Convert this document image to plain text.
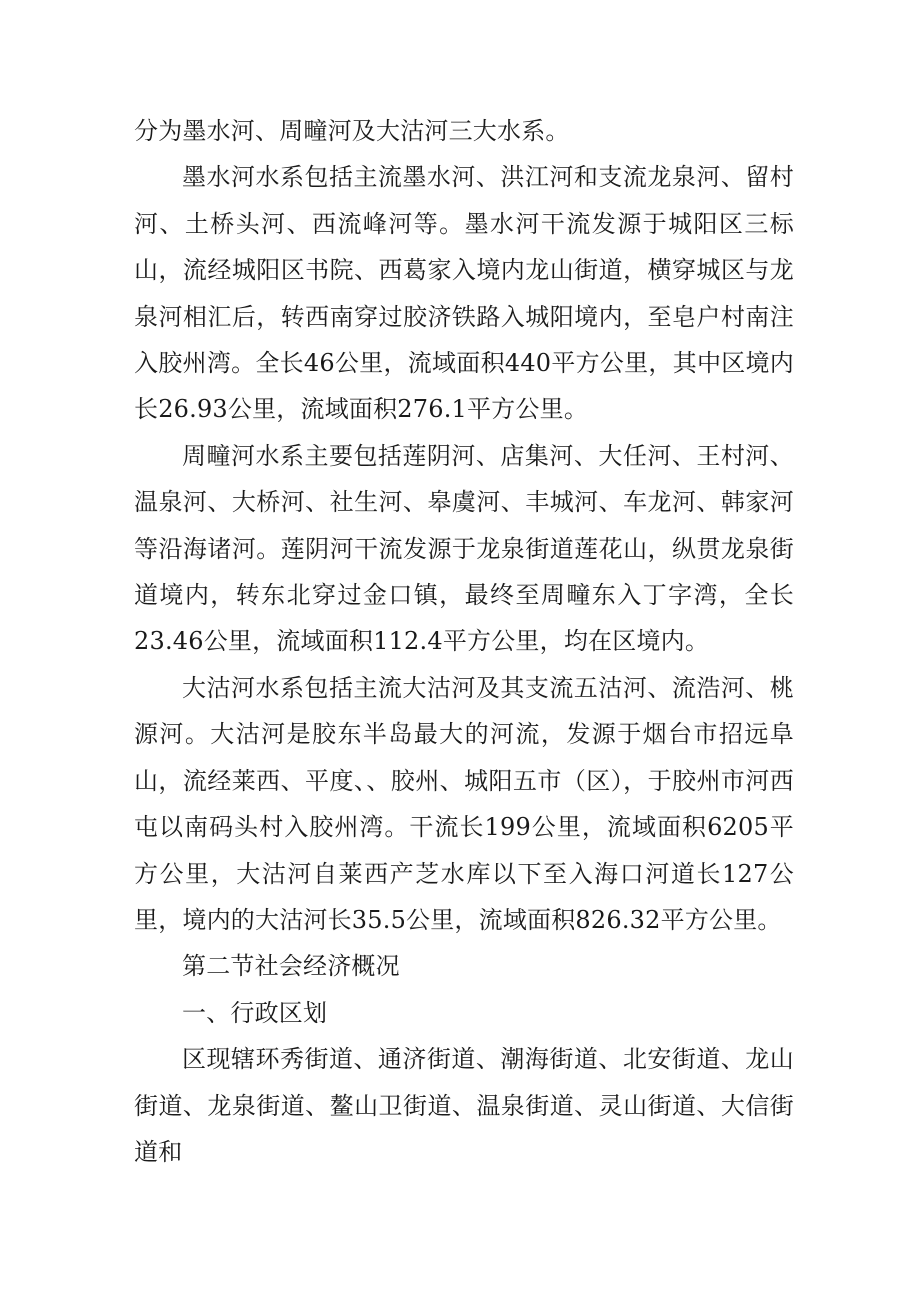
分为墨水河、周疃河及大沽河三大水系。

墨水河水系包括主流墨水河、洪江河和支流龙泉河、留村河、土桥头河、西流峰河等。墨水河干流发源于城阳区三标山，流经城阳区书院、西葛家入境内龙山街道，横穿城区与龙泉河相汇后，转西南穿过胶济铁路入城阳境内，至皂户村南注入胶州湾。全长46公里，流域面积440平方公里，其中区境内长26.93公里，流域面积276.1平方公里。

周疃河水系主要包括莲阴河、店集河、大任河、王村河、温泉河、大桥河、社生河、皋虞河、丰城河、车龙河、韩家河等沿海诸河。莲阴河干流发源于龙泉街道莲花山，纵贯龙泉街道境内，转东北穿过金口镇，最终至周疃东入丁字湾，全长23.46公里，流域面积112.4平方公里，均在区境内。

大沽河水系包括主流大沽河及其支流五沽河、流浩河、桃源河。大沽河是胶东半岛最大的河流，发源于烟台市招远阜山，流经莱西、平度、、胶州、城阳五市（区），于胶州市河西屯以南码头村入胶州湾。干流长199公里，流域面积6205平方公里，大沽河自莱西产芝水库以下至入海口河道长127公里，境内的大沽河长35.5公里，流域面积826.32平方公里。

第二节社会经济概况

一、行政区划

区现辖环秀街道、通济街道、潮海街道、北安街道、龙山街道、龙泉街道、鳌山卫街道、温泉街道、灵山街道、大信街道和
